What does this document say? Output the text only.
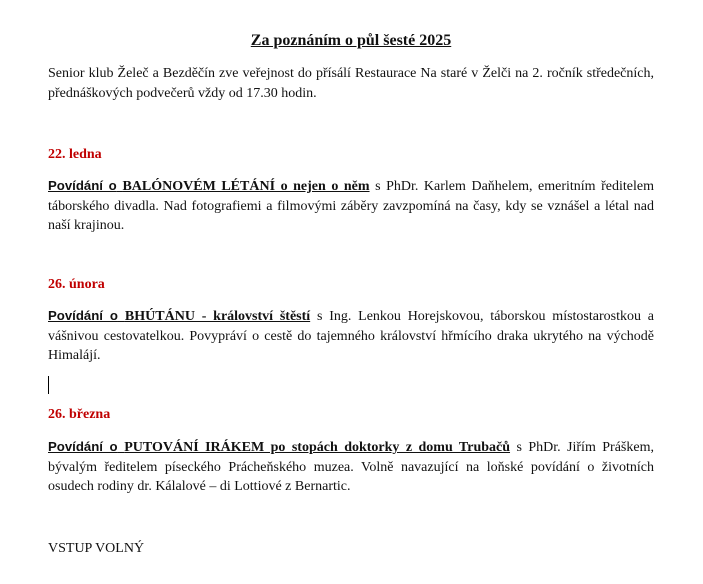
Za poznáním o půl šesté 2025

Senior klub Želeč a Bezděčín zve veřejnost do přísálí Restaurace Na staré v Želči na 2. ročník středečních, přednáškových podvečerů vždy od 17.30 hodin.

22. ledna

Povídání o BALÓNOVÉM LÉTÁNÍ o nejen o něm s PhDr. Karlem Daňhelem, emeritním ředitelem táborského divadla. Nad fotografiemi a filmovými záběry zavzpomíná na časy, kdy se vznášel a létal nad naší krajinou.

26. února

Povídání o BHÚTÁNU - království štěstí s Ing. Lenkou Horejskovou, táborskou místostarostkou a vášnivou cestovatelkou. Povypráví o cestě do tajemného království hřmícího draka ukrytého na východě Himalájí.

26. března

Povídání o PUTOVÁNÍ IRÁKEM po stopách doktorky z domu Trubačů s PhDr. Jiřím Práškem, bývalým ředitelem píseckého Prácheňského muzea. Volně navazující na loňské povídání o životních osudech rodiny dr. Kálalové – di Lottiové z Bernartic.

VSTUP VOLNÝ
